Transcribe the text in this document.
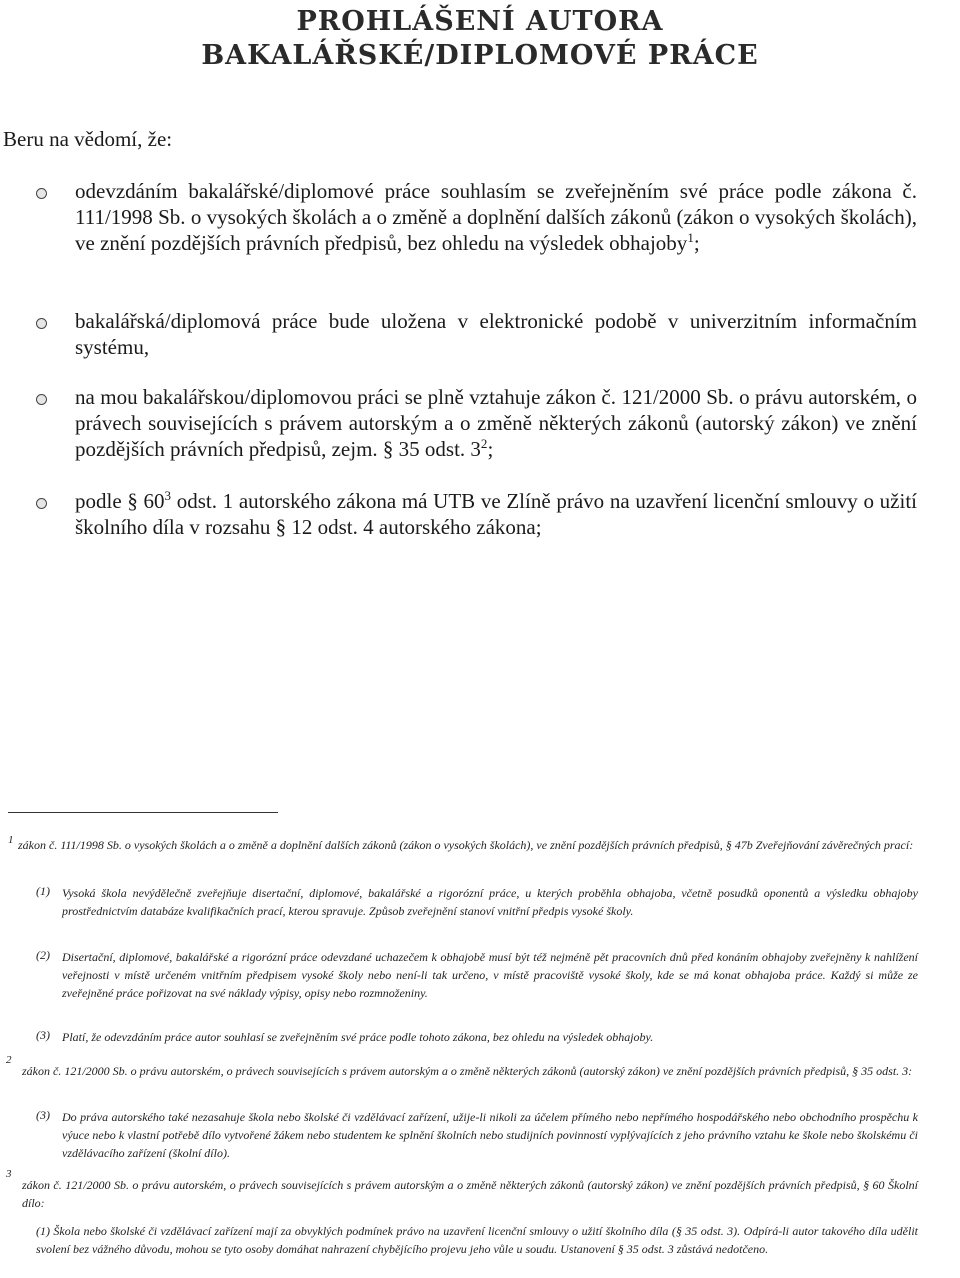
PROHLÁŠENÍ AUTORA
BAKALÁŘSKÉ/DIPLOMOVÉ PRÁCE
Beru na vědomí, že:
odevzdáním bakalářské/diplomové práce souhlasím se zveřejněním své práce podle zákona č. 111/1998 Sb. o vysokých školách a o změně a doplnění dalších zákonů (zákon o vysokých školách), ve znění pozdějších právních předpisů, bez ohledu na výsledek obhajoby$^1$;
bakalářská/diplomová práce bude uložena v elektronické podobě v univerzitním informačním systému,
na mou bakalářskou/diplomovou práci se plně vztahuje zákon č. 121/2000 Sb. o právu autorském, o právech souvisejících s právem autorským a o změně některých zákonů (autorský zákon) ve znění pozdějších právních předpisů, zejm. § 35 odst. $3^2$;
podle § $60^3$ odst. 1 autorského zákona má UTB ve Zlíně právo na uzavření licenční smlouvy o užití školního díla v rozsahu § 12 odst. 4 autorského zákona;
1 zákon č. 111/1998 Sb. o vysokých školách a o změně a doplnění dalších zákonů (zákon o vysokých školách), ve znění pozdějších právních předpisů, § 47b Zveřejňování závěrečných prací:
(1) Vysoká škola nevýdělečně zveřejňuje disertační, diplomové, bakalářské a rigorózní práce, u kterých proběhla obhajoba, včetně posudků oponentů a výsledku obhajoby prostřednictvím databáze kvalifikačních prací, kterou spravuje. Způsob zveřejnění stanoví vnitřní předpis vysoké školy.
(2) Disertační, diplomové, bakalářské a rigorózní práce odevzdané uchazečem k obhajobě musí být též nejméně pět pracovních dnů před konáním obhajoby zveřejněny k nahlížení veřejnosti v místě určeném vnitřním předpisem vysoké školy nebo není-li tak určeno, v místě pracoviště vysoké školy, kde se má konat obhajoba práce. Každý si může ze zveřejněné práce pořizovat na své náklady výpisy, opisy nebo rozmnoženiny.
(3) Platí, že odevzdáním práce autor souhlasí se zveřejněním své práce podle tohoto zákona, bez ohledu na výsledek obhajoby.
2
zákon č. 121/2000 Sb. o právu autorském, o právech souvisejících s právem autorským a o změně některých zákonů (autorský zákon) ve znění pozdějších právních předpisů, § 35 odst. 3:
(3) Do práva autorského také nezasahuje škola nebo školské či vzdělávací zařízení, užije-li nikoli za účelem přímého nebo nepřímého hospodářského nebo obchodního prospěchu k výuce nebo k vlastní potřebě dílo vytvořené žákem nebo studentem ke splnění školních nebo studijních povinností vyplývajících z jeho právního vztahu ke škole nebo školskému či vzdělávacího zařízení (školní dílo).
3
zákon č. 121/2000 Sb. o právu autorském, o právech souvisejících s právem autorským a o změně některých zákonů (autorský zákon) ve znění pozdějších právních předpisů, § 60 Školní dílo:
(1) Škola nebo školské či vzdělávací zařízení mají za obvyklých podmínek právo na uzavření licenční smlouvy o užití školního díla (§ 35 odst. 3). Odpírá-li autor takového díla udělit svolení bez vážného důvodu, mohou se tyto osoby domáhat nahrazení chybějícího projevu jeho vůle u soudu. Ustanovení § 35 odst. 3 zůstává nedotčeno.
